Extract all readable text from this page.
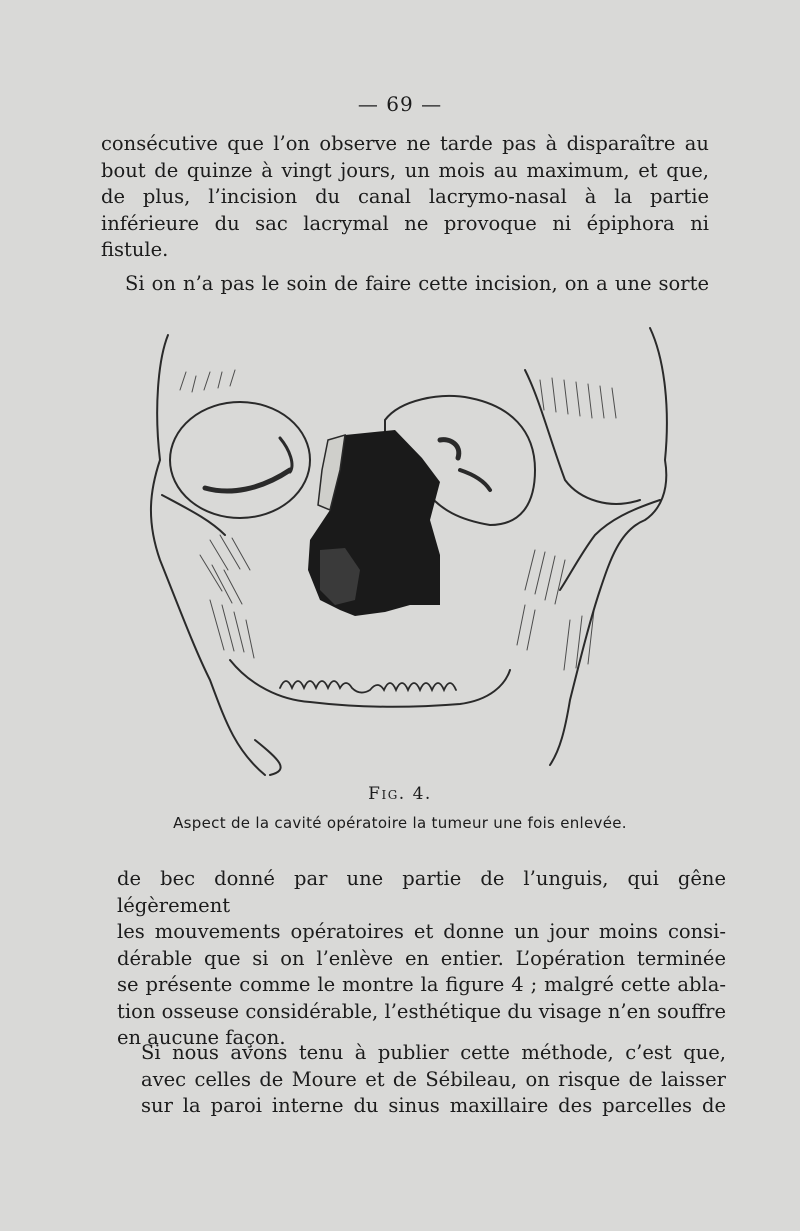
— 69 —

consécutive que l’on observe ne tarde pas à disparaître au
bout de quinze à vingt jours, un mois au maximum, et que,
de plus, l’incision du canal lacrymo-nasal à la partie
inférieure du sac lacrymal ne provoque ni épiphora ni
fistule.

Si on n’a pas le soin de faire cette incision, on a une sorte

Fig. 4.
Aspect de la cavité opératoire la tumeur une fois enlevée.

de bec donné par une partie de l’unguis, qui gêne légèrement
les mouvements opératoires et donne un jour moins consi-
dérable que si on l’enlève en entier. L’opération terminée
se présente comme le montre la figure 4 ; malgré cette abla-
tion osseuse considérable, l’esthétique du visage n’en souffre
en aucune façon.

Si nous avons tenu à publier cette méthode, c’est que,
avec celles de Moure et de Sébileau, on risque de laisser
sur la paroi interne du sinus maxillaire des parcelles de
